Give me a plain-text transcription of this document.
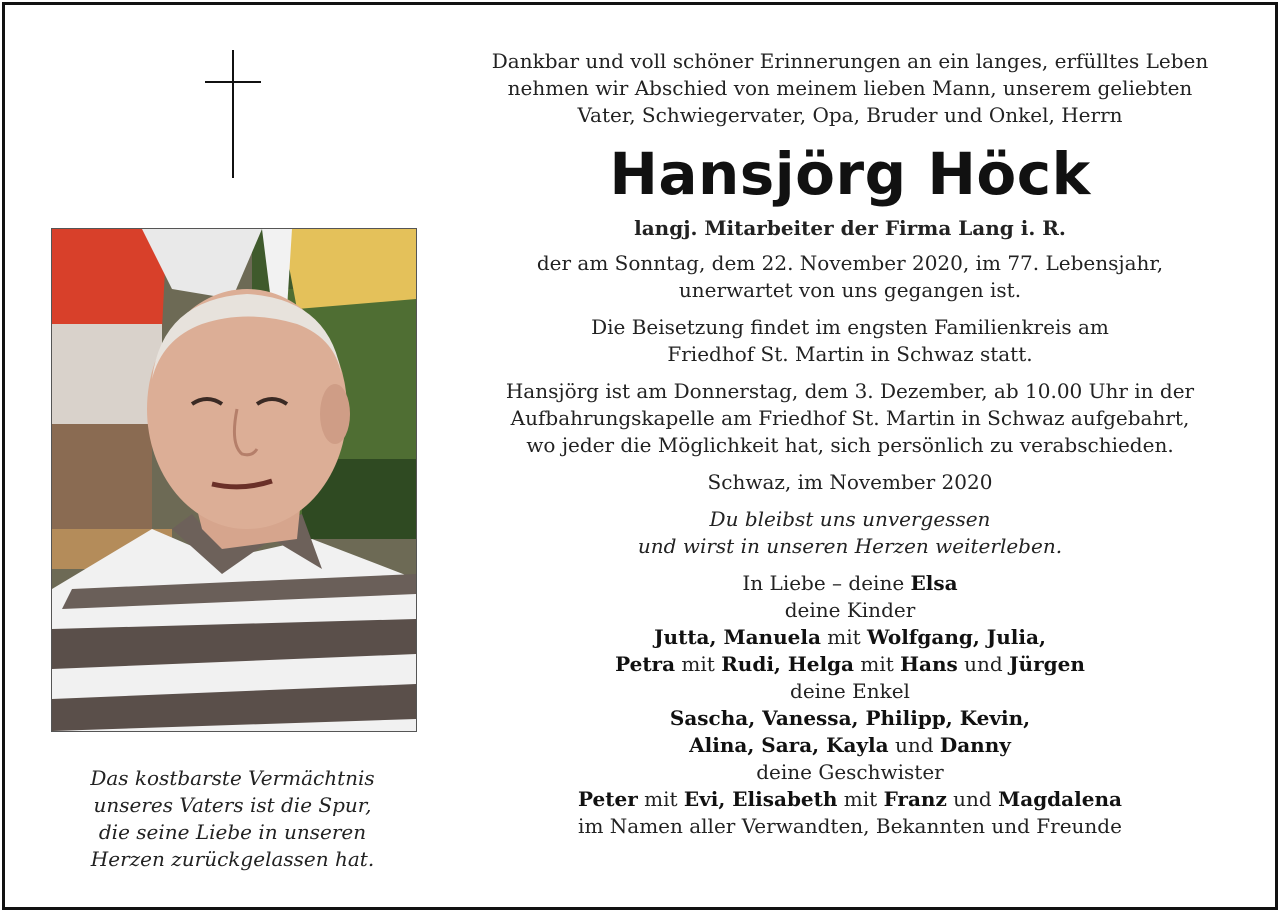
Das kostbarste Vermächtnis
unseres Vaters ist die Spur,
die seine Liebe in unseren
Herzen zurückgelassen hat.
Dankbar und voll schöner Erinnerungen an ein langes, erfülltes Leben
nehmen wir Abschied von meinem lieben Mann, unserem geliebten
Vater, Schwiegervater, Opa, Bruder und Onkel, Herrn
Hansjörg Höck
langj. Mitarbeiter der Firma Lang i. R.
der am Sonntag, dem 22. November 2020, im 77. Lebensjahr,
unerwartet von uns gegangen ist.
Die Beisetzung findet im engsten Familienkreis am
Friedhof St. Martin in Schwaz statt.
Hansjörg ist am Donnerstag, dem 3. Dezember, ab 10.00 Uhr in der
Aufbahrungskapelle am Friedhof St. Martin in Schwaz aufgebahrt,
wo jeder die Möglichkeit hat, sich persönlich zu verabschieden.
Schwaz, im November 2020
Du bleibst uns unvergessen
und wirst in unseren Herzen weiterleben.
In Liebe – deine Elsa
deine Kinder
Jutta, Manuela mit Wolfgang, Julia,
Petra mit Rudi, Helga mit Hans und Jürgen
deine Enkel
Sascha, Vanessa, Philipp, Kevin,
Alina, Sara, Kayla und Danny
deine Geschwister
Peter mit Evi, Elisabeth mit Franz und Magdalena
im Namen aller Verwandten, Bekannten und Freunde
